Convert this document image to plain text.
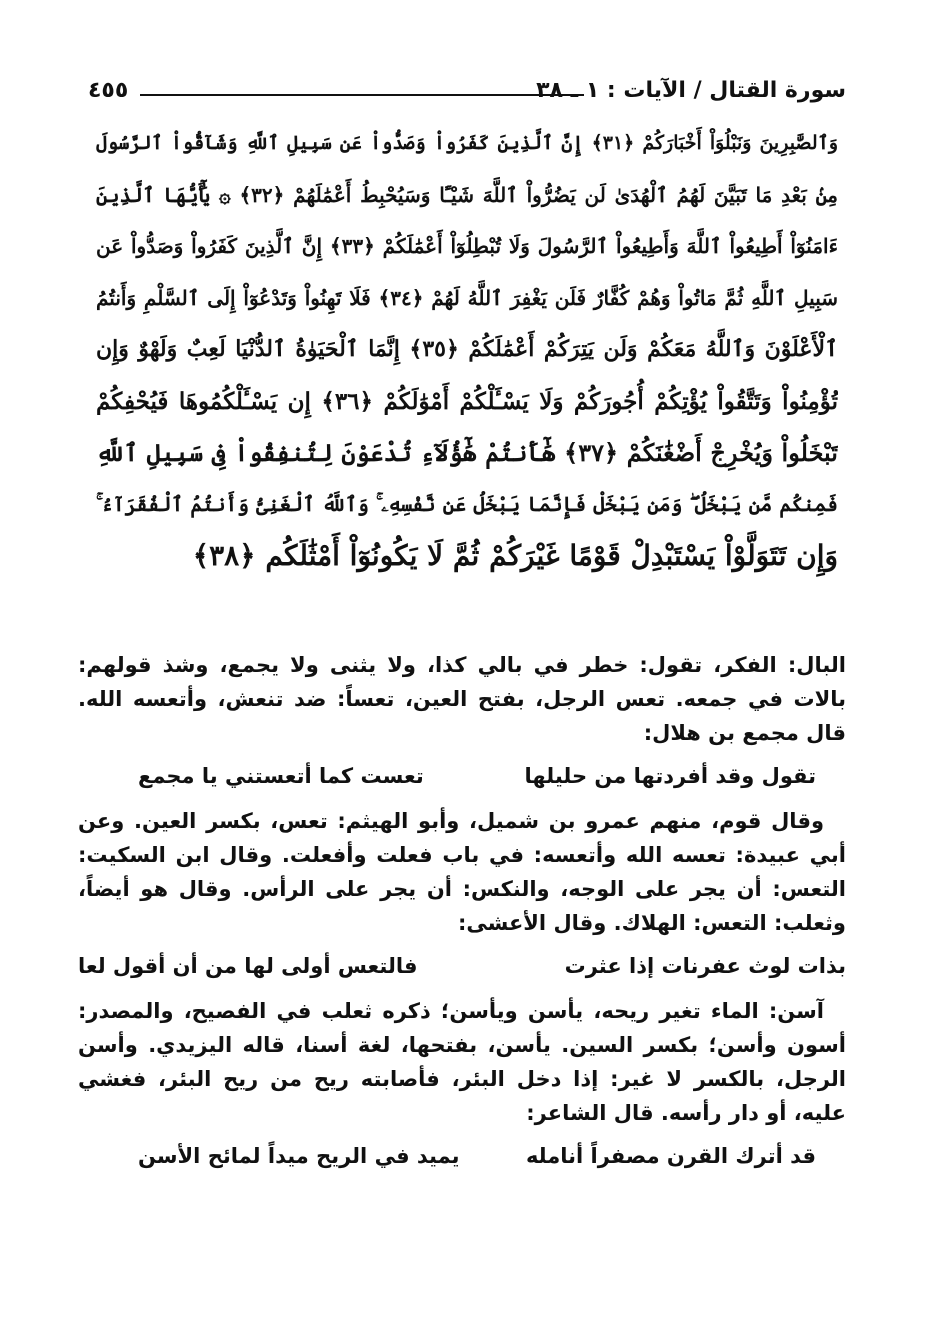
سورة القتال / الآيات : ١ ـ ٣٨
٤٥٥
وَٱلصَّٰبِرِينَ وَنَبْلُوَاْ أَخْبَارَكُمْ ﴿٣١﴾ إِنَّ ٱلَّذِينَ كَفَرُواْ وَصَدُّواْ عَن سَبِيلِ ٱللَّهِ وَشَآقُّواْ ٱلرَّسُولَ
مِنۢ بَعْدِ مَا تَبَيَّنَ لَهُمُ ٱلْهُدَىٰ لَن يَضُرُّواْ ٱللَّهَ شَيْـًٔا وَسَيُحْبِطُ أَعْمَٰلَهُمْ ﴿٣٢﴾ ۞ يَٰٓأَيُّهَا ٱلَّذِينَ
ءَامَنُوٓاْ أَطِيعُواْ ٱللَّهَ وَأَطِيعُواْ ٱلرَّسُولَ وَلَا تُبْطِلُوٓاْ أَعْمَٰلَكُمْ ﴿٣٣﴾ إِنَّ ٱلَّذِينَ كَفَرُواْ وَصَدُّواْ عَن
سَبِيلِ ٱللَّهِ ثُمَّ مَاتُواْ وَهُمْ كُفَّارٌ فَلَن يَغْفِرَ ٱللَّهُ لَهُمْ ﴿٣٤﴾ فَلَا تَهِنُواْ وَتَدْعُوٓاْ إِلَى ٱلسَّلْمِ وَأَنتُمُ
ٱلْأَعْلَوْنَ وَٱللَّهُ مَعَكُمْ وَلَن يَتِرَكُمْ أَعْمَٰلَكُمْ ﴿٣٥﴾ إِنَّمَا ٱلْحَيَوٰةُ ٱلدُّنْيَا لَعِبٌ وَلَهْوٌ وَإِن
تُؤْمِنُواْ وَتَتَّقُواْ يُؤْتِكُمْ أُجُورَكُمْ وَلَا يَسْـَٔلْكُمْ أَمْوَٰلَكُمْ ﴿٣٦﴾ إِن يَسْـَٔلْكُمُوهَا فَيُحْفِكُمْ
تَبْخَلُواْ وَيُخْرِجْ أَضْغَٰنَكُمْ ﴿٣٧﴾ هَٰٓأَنتُمْ هَٰٓؤُلَآءِ تُدْعَوْنَ لِتُنفِقُواْ فِى سَبِيلِ ٱللَّهِ
فَمِنكُم مَّن يَبْخَلُ ۖ وَمَن يَبْخَلْ فَإِنَّمَا يَبْخَلُ عَن نَّفْسِهِۦ ۚ وَٱللَّهُ ٱلْغَنِىُّ وَأَنتُمُ ٱلْفُقَرَآءُ ۚ
وَإِن تَتَوَلَّوْاْ يَسْتَبْدِلْ قَوْمًا غَيْرَكُمْ ثُمَّ لَا يَكُونُوٓاْ أَمْثَٰلَكُم ﴿٣٨﴾

البال: الفكر، تقول: خطر في بالي كذا، ولا يثنى ولا يجمع، وشذ قولهم: بالات في جمعه. تعس الرجل، بفتح العين، تعساً: ضد تنعش، وأتعسه الله. قال مجمع بن هلال:

تقول وقد أفردتها من حليلها
تعست كما أتعستني يا مجمع

وقال قوم، منهم عمرو بن شميل، وأبو الهيثم: تعس، بكسر العين. وعن أبي عبيدة: تعسه الله وأتعسه: في باب فعلت وأفعلت. وقال ابن السكيت: التعس: أن يجر على الوجه، والنكس: أن يجر على الرأس. وقال هو أيضاً، وثعلب: التعس: الهلاك. وقال الأعشى:

بذات لوث عفرنات إذا عثرت
فالتعس أولى لها من أن أقول لعا

آسن: الماء تغير ريحه، يأسن ويأسن؛ ذكره ثعلب في الفصيح، والمصدر: أسون وأسن؛ بكسر السين. يأسن، بفتحها، لغة أسنا، قاله اليزيدي. وأسن الرجل، بالكسر لا غير: إذا دخل البئر، فأصابته ريح من ريح البئر، فغشي عليه، أو دار رأسه. قال الشاعر:

قد أترك القرن مصفراً أنامله
يميد في الريح ميداً لمائح الأسن
